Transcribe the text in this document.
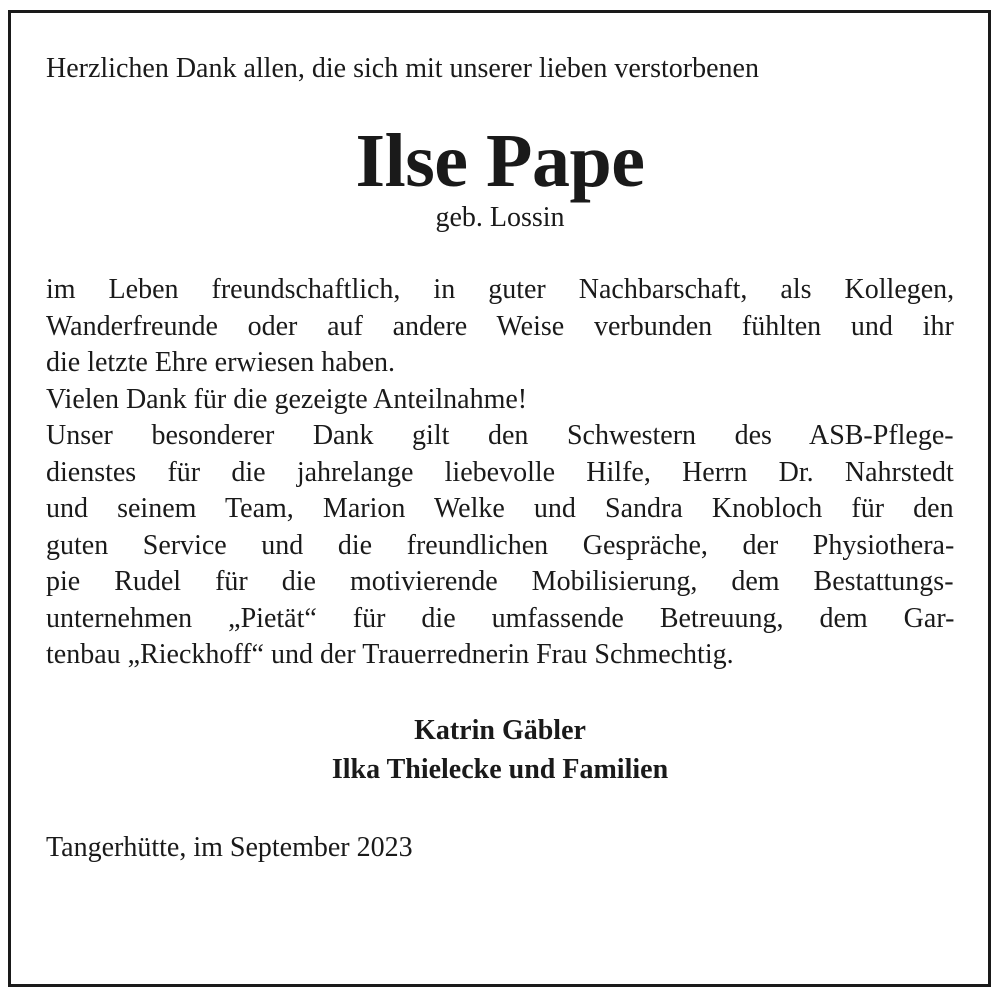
Herzlichen Dank allen, die sich mit unserer lieben verstorbenen

Ilse Pape
geb. Lossin
im Leben freundschaftlich, in guter Nachbarschaft, als Kollegen,
Wanderfreunde oder auf andere Weise verbunden fühlten und ihr
die letzte Ehre erwiesen haben.
Vielen Dank für die gezeigte Anteilnahme!
Unser besonderer Dank gilt den Schwestern des ASB-Pflege-
dienstes für die jahrelange liebevolle Hilfe, Herrn Dr. Nahrstedt
und seinem Team, Marion Welke und Sandra Knobloch für den
guten Service und die freundlichen Gespräche, der Physiothera-
pie Rudel für die motivierende Mobilisierung, dem Bestattungs-
unternehmen „Pietät“ für die umfassende Betreuung, dem Gar-
tenbau „Rieckhoff“ und der Trauerrednerin Frau Schmechtig.
Katrin Gäbler
Ilka Thielecke und Familien
Tangerhütte, im September 2023
